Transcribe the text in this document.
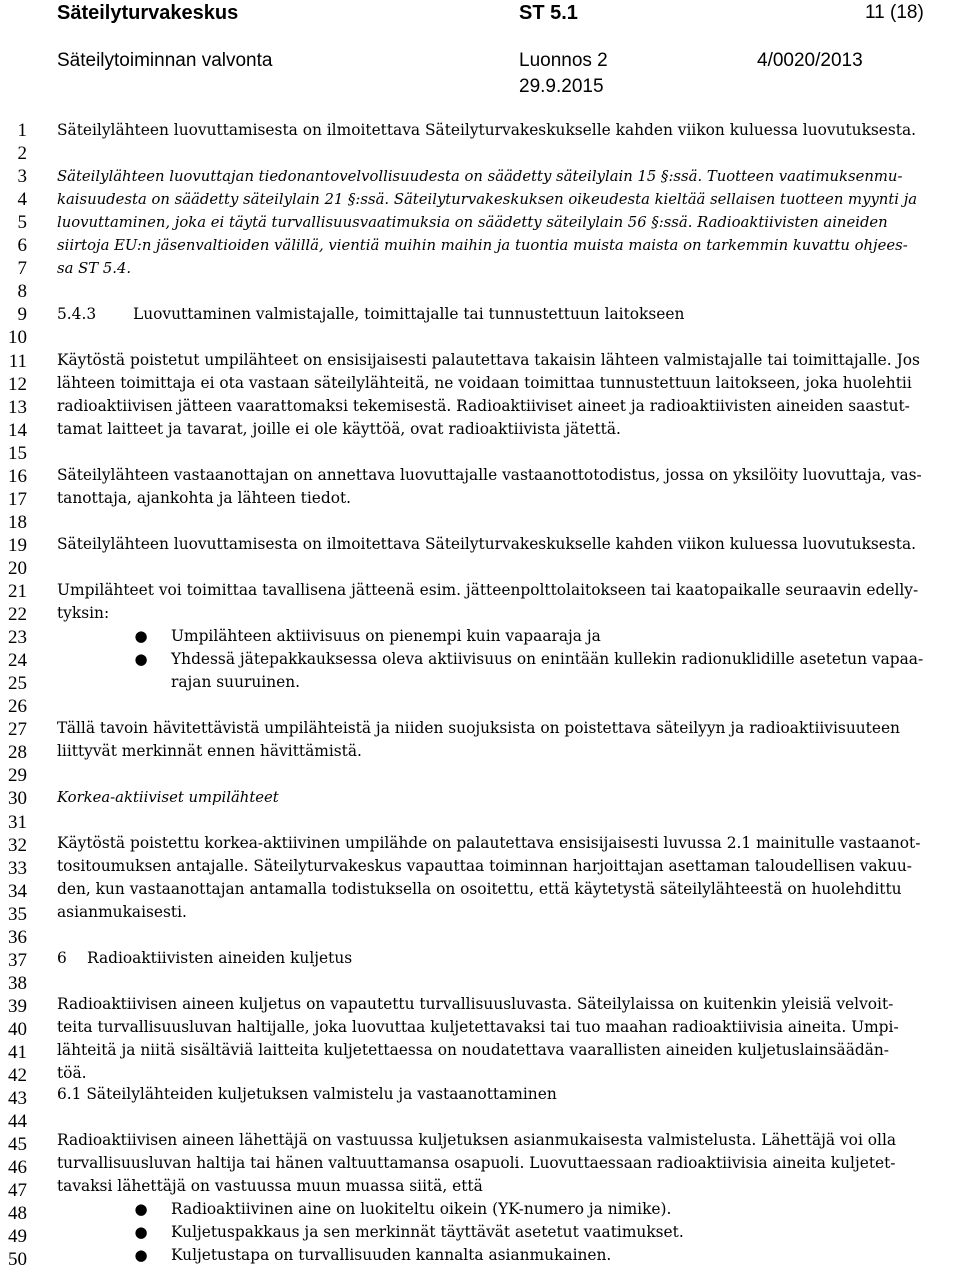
Säteilyturvakeskus	ST 5.1	11 (18)
Säteilytoiminnan valvonta	Luonnos 2	4/0020/2013
29.9.2015
1
2
3
4
5
6
7
8
9
10
11
12
13
14
15
16
17
18
19
20
21
22
23
24
25
26
27
28
29
30
31
32
33
34
35
36
37
38
39
40
41
42
43
44
45
46
47
48
49
50
Säteilylähteen luovuttamisesta on ilmoitettava Säteilyturvakeskukselle kahden viikon kuluessa luovutuksesta.
Säteilylähteen luovuttajan tiedonantovelvollisuudesta on säädetty säteilylain 15 §:ssä. Tuotteen vaatimuksenmu-
kaisuudesta on säädetty säteilylain 21 §:ssä. Säteilyturvakeskuksen oikeudesta kieltää sellaisen tuotteen myynti ja
luovuttaminen, joka ei täytä turvallisuusvaatimuksia on säädetty säteilylain 56 §:ssä. Radioaktiivisten aineiden
siirtoja EU:n jäsenvaltioiden välillä, vientiä muihin maihin ja tuontia muista maista on tarkemmin kuvattu ohjees-
sa ST 5.4.
5.4.3 Luovuttaminen valmistajalle, toimittajalle tai tunnustettuun laitokseen
Käytöstä poistetut umpilähteet on ensisijaisesti palautettava takaisin lähteen valmistajalle tai toimittajalle. Jos
lähteen toimittaja ei ota vastaan säteilylähteitä, ne voidaan toimittaa tunnustettuun laitokseen, joka huolehtii
radioaktiivisen jätteen vaarattomaksi tekemisestä. Radioaktiiviset aineet ja radioaktiivisten aineiden saastut-
tamat laitteet ja tavarat, joille ei ole käyttöä, ovat radioaktiivista jätettä.
Säteilylähteen vastaanottajan on annettava luovuttajalle vastaanottotodistus, jossa on yksilöity luovuttaja, vas-
tanottaja, ajankohta ja lähteen tiedot.
Säteilylähteen luovuttamisesta on ilmoitettava Säteilyturvakeskukselle kahden viikon kuluessa luovutuksesta.
Umpilähteet voi toimittaa tavallisena jätteenä esim. jätteenpolttolaitokseen tai kaatopaikalle seuraavin edelly-
tyksin:
● Umpilähteen aktiivisuus on pienempi kuin vapaaraja ja
● Yhdessä jätepakkauksessa oleva aktiivisuus on enintään kullekin radionuklidille asetetun vapaa-
rajan suuruinen.
Tällä tavoin hävitettävistä umpilähteistä ja niiden suojuksista on poistettava säteilyyn ja radioaktiivisuuteen
liittyvät merkinnät ennen hävittämistä.
Korkea-aktiiviset umpilähteet
Käytöstä poistettu korkea-aktiivinen umpilähde on palautettava ensisijaisesti luvussa 2.1 mainitulle vastaanot-
tositoumuksen antajalle. Säteilyturvakeskus vapauttaa toiminnan harjoittajan asettaman taloudellisen vakuu-
den, kun vastaanottajan antamalla todistuksella on osoitettu, että käytetystä säteilylähteestä on huolehdittu
asianmukaisesti.
6 Radioaktiivisten aineiden kuljetus
Radioaktiivisen aineen kuljetus on vapautettu turvallisuusluvasta. Säteilylaissa on kuitenkin yleisiä velvoit-
teita turvallisuusluvan haltijalle, joka luovuttaa kuljetettavaksi tai tuo maahan radioaktiivisia aineita. Umpi-
lähteitä ja niitä sisältäviä laitteita kuljetettaessa on noudatettava vaarallisten aineiden kuljetuslainsäädän-
töä.
6.1 Säteilylähteiden kuljetuksen valmistelu ja vastaanottaminen
Radioaktiivisen aineen lähettäjä on vastuussa kuljetuksen asianmukaisesta valmistelusta. Lähettäjä voi olla
turvallisuusluvan haltija tai hänen valtuuttamansa osapuoli. Luovuttaessaan radioaktiivisia aineita kuljetet-
tavaksi lähettäjä on vastuussa muun muassa siitä, että
● Radioaktiivinen aine on luokiteltu oikein (YK-numero ja nimike).
● Kuljetuspakkaus ja sen merkinnät täyttävät asetetut vaatimukset.
● Kuljetustapa on turvallisuuden kannalta asianmukainen.
